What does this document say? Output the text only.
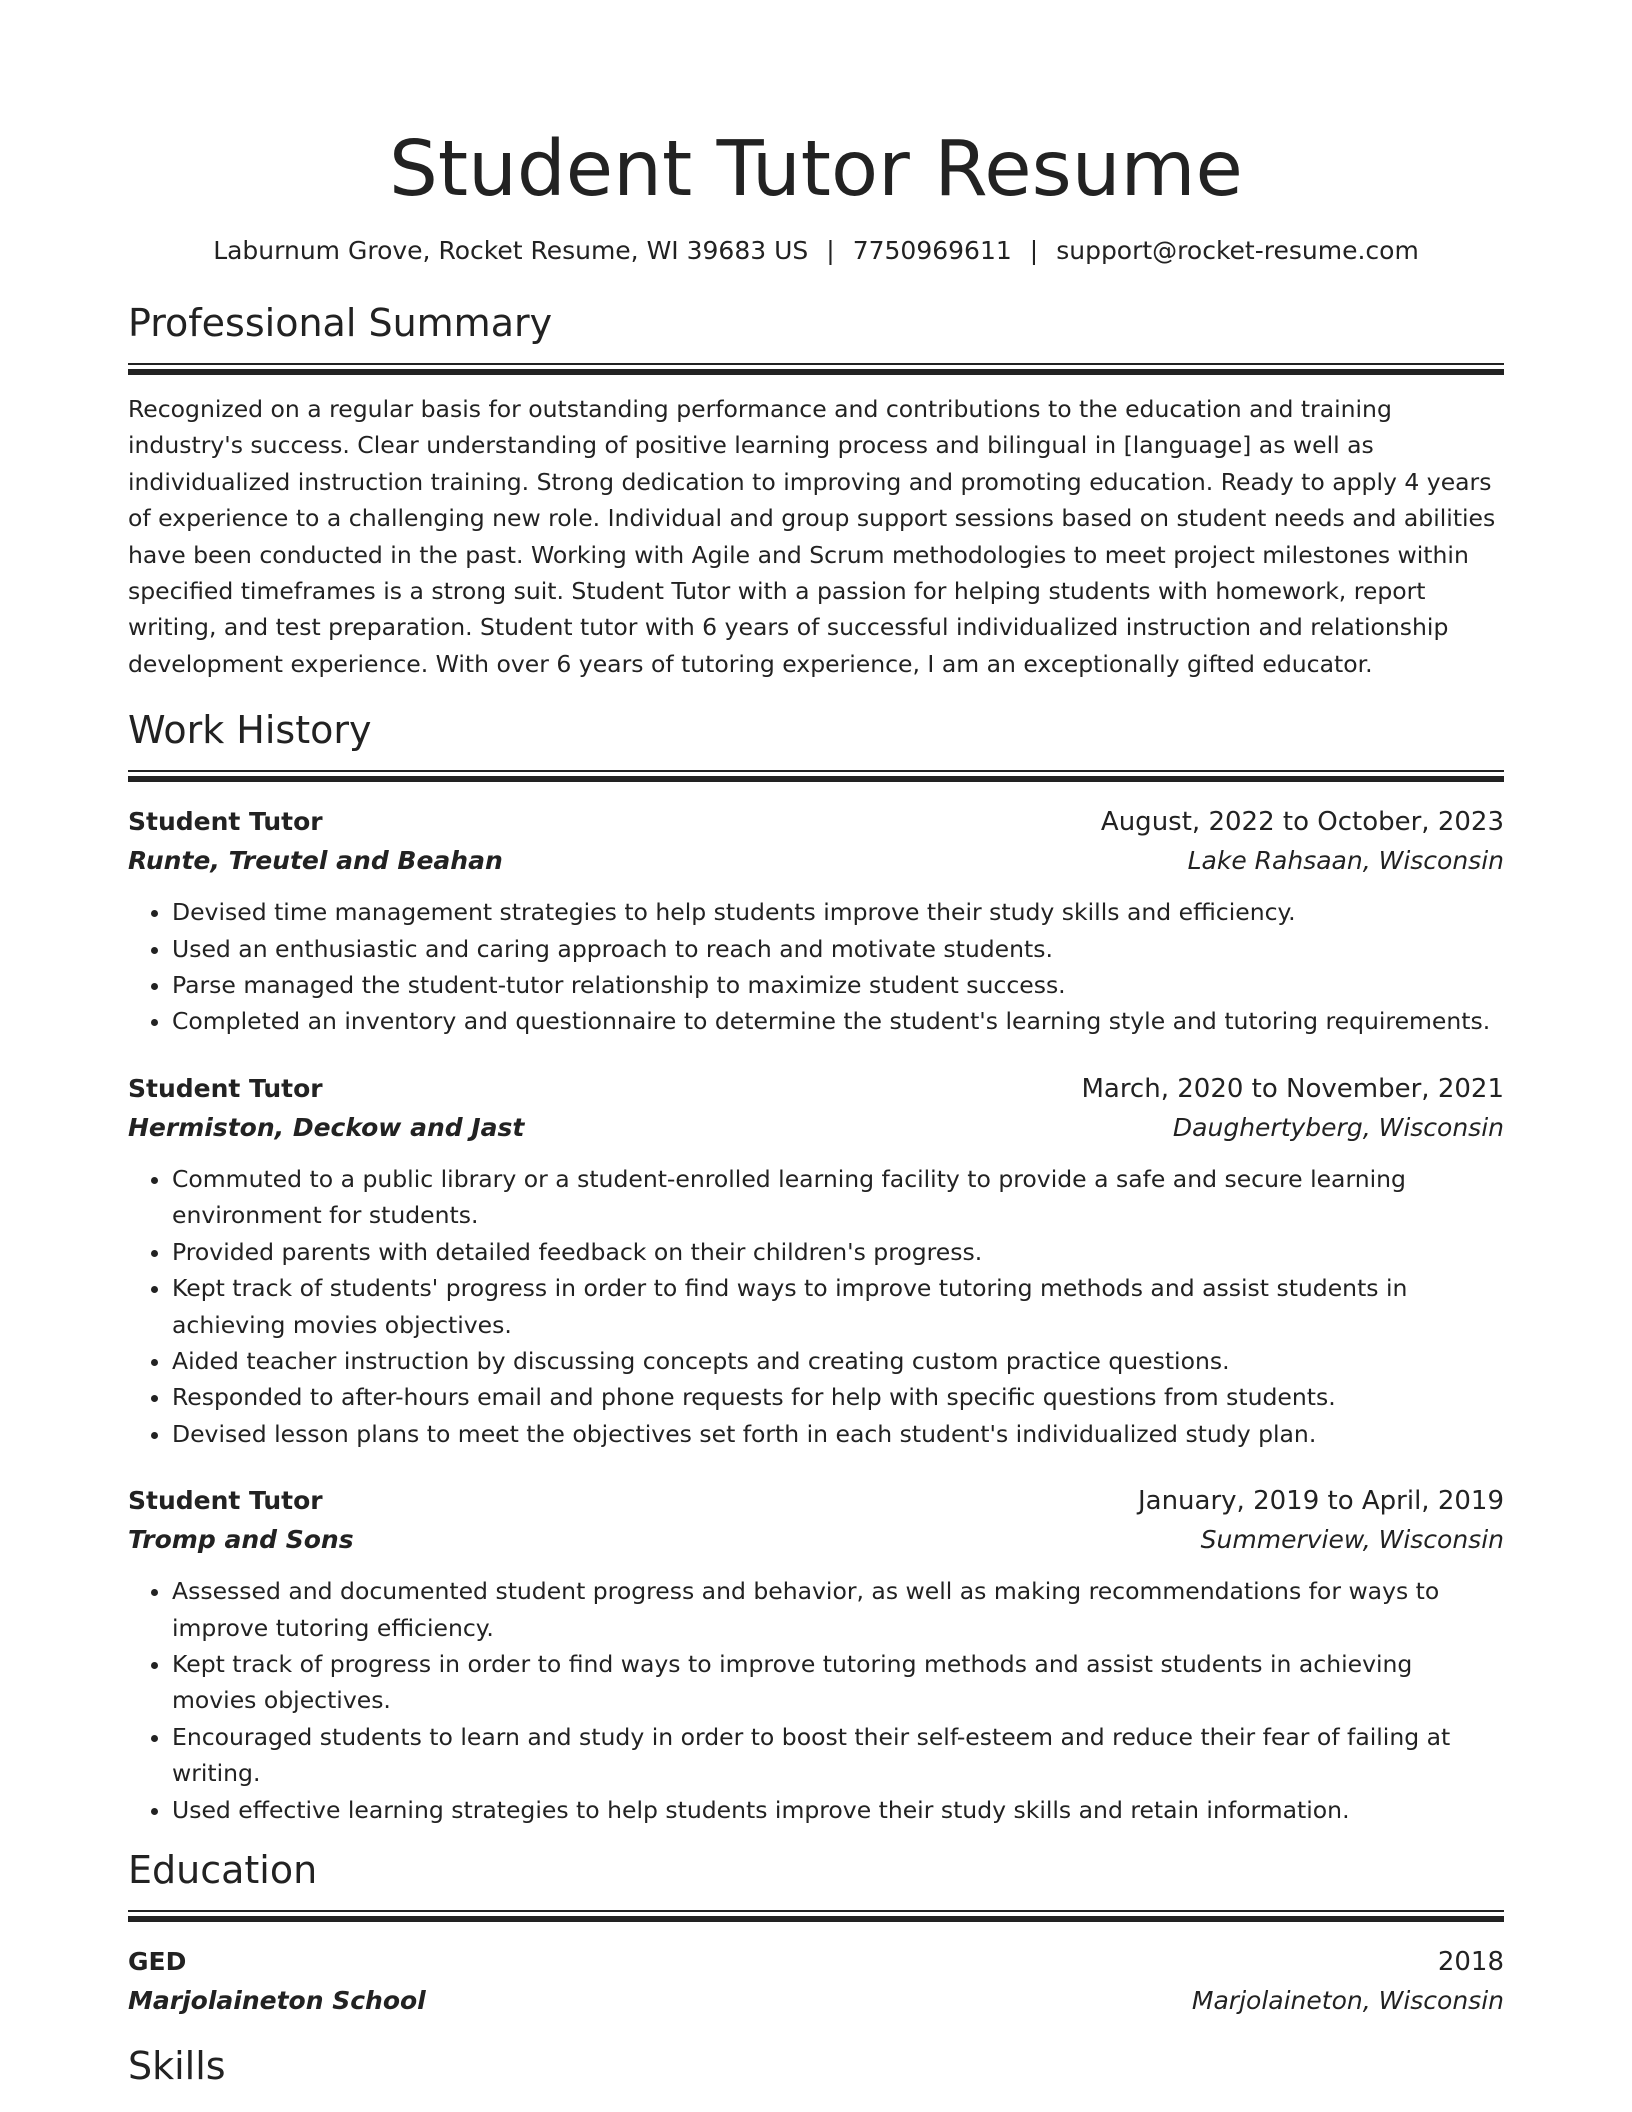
Student Tutor Resume
Laburnum Grove, Rocket Resume, WI 39683 US | 7750969611 | support@rocket-resume.com
Professional Summary

Recognized on a regular basis for outstanding performance and contributions to the education and training industry's success. Clear understanding of positive learning process and bilingual in [language] as well as individualized instruction training. Strong dedication to improving and promoting education. Ready to apply 4 years of experience to a challenging new role. Individual and group support sessions based on student needs and abilities have been conducted in the past. Working with Agile and Scrum methodologies to meet project milestones within specified timeframes is a strong suit. Student Tutor with a passion for helping students with homework, report writing, and test preparation. Student tutor with 6 years of successful individualized instruction and relationship development experience. With over 6 years of tutoring experience, I am an exceptionally gifted educator.

Work History
Student Tutor	August, 2022 to October, 2023
Runte, Treutel and Beahan	Lake Rahsaan, Wisconsin
• Devised time management strategies to help students improve their study skills and efficiency.
• Used an enthusiastic and caring approach to reach and motivate students.
• Parse managed the student-tutor relationship to maximize student success.
• Completed an inventory and questionnaire to determine the student's learning style and tutoring requirements.
Student Tutor	March, 2020 to November, 2021
Hermiston, Deckow and Jast	Daughertyberg, Wisconsin
• Commuted to a public library or a student-enrolled learning facility to provide a safe and secure learning environment for students.
• Provided parents with detailed feedback on their children's progress.
• Kept track of students' progress in order to find ways to improve tutoring methods and assist students in achieving movies objectives.
• Aided teacher instruction by discussing concepts and creating custom practice questions.
• Responded to after-hours email and phone requests for help with specific questions from students.
• Devised lesson plans to meet the objectives set forth in each student's individualized study plan.
Student Tutor	January, 2019 to April, 2019
Tromp and Sons	Summerview, Wisconsin
• Assessed and documented student progress and behavior, as well as making recommendations for ways to improve tutoring efficiency.
• Kept track of progress in order to find ways to improve tutoring methods and assist students in achieving movies objectives.
• Encouraged students to learn and study in order to boost their self-esteem and reduce their fear of failing at writing.
• Used effective learning strategies to help students improve their study skills and retain information.
Education
GED	2018
Marjolaineton School	Marjolaineton, Wisconsin
Skills
